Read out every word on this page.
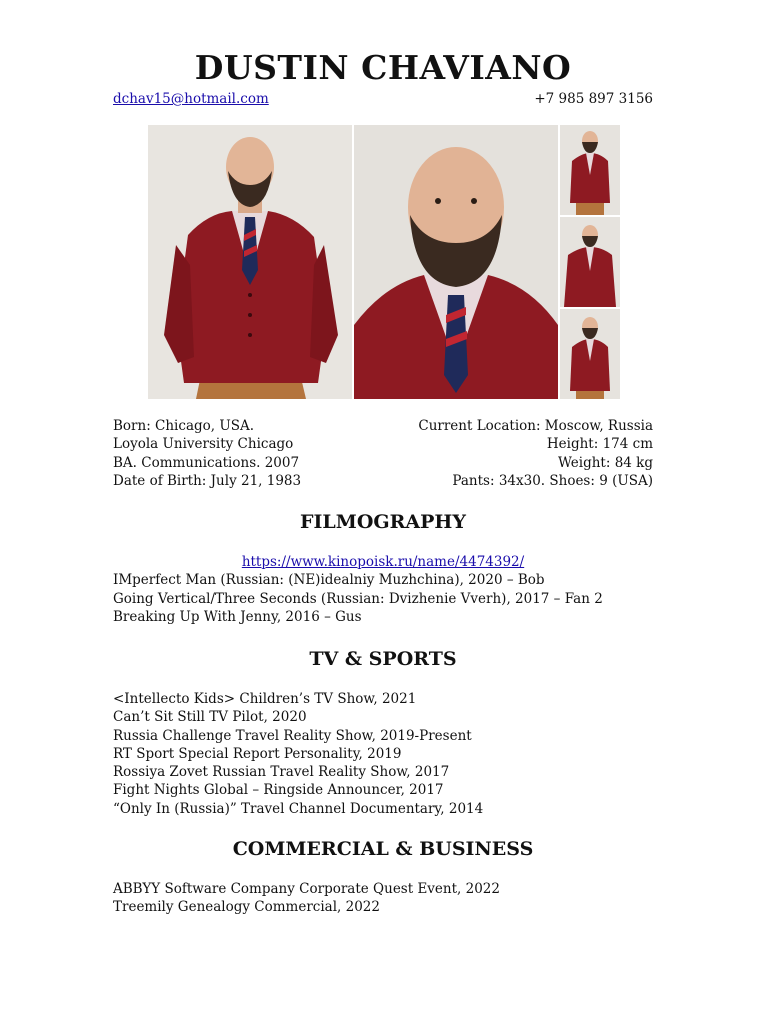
DUSTIN CHAVIANO
dchav15@hotmail.com	+7 985 897 3156
Born: Chicago, USA.
Loyola University Chicago
BA. Communications. 2007
Date of Birth: July 21, 1983
Current Location: Moscow, Russia
Height: 174 cm
Weight: 84 kg
Pants: 34x30. Shoes: 9 (USA)
FILMOGRAPHY
https://www.kinopoisk.ru/name/4474392/
IMperfect Man (Russian: (NE)idealniy Muzhchina), 2020 – Bob
Going Vertical/Three Seconds (Russian: Dvizhenie Vverh), 2017 – Fan 2
Breaking Up With Jenny, 2016 – Gus
TV & SPORTS
<Intellecto Kids> Children’s TV Show, 2021
Can’t Sit Still TV Pilot, 2020
Russia Challenge Travel Reality Show, 2019-Present
RT Sport Special Report Personality, 2019
Rossiya Zovet Russian Travel Reality Show, 2017
Fight Nights Global – Ringside Announcer, 2017
“Only In (Russia)” Travel Channel Documentary, 2014
COMMERCIAL & BUSINESS
ABBYY Software Company Corporate Quest Event, 2022
Treemily Genealogy Commercial, 2022
